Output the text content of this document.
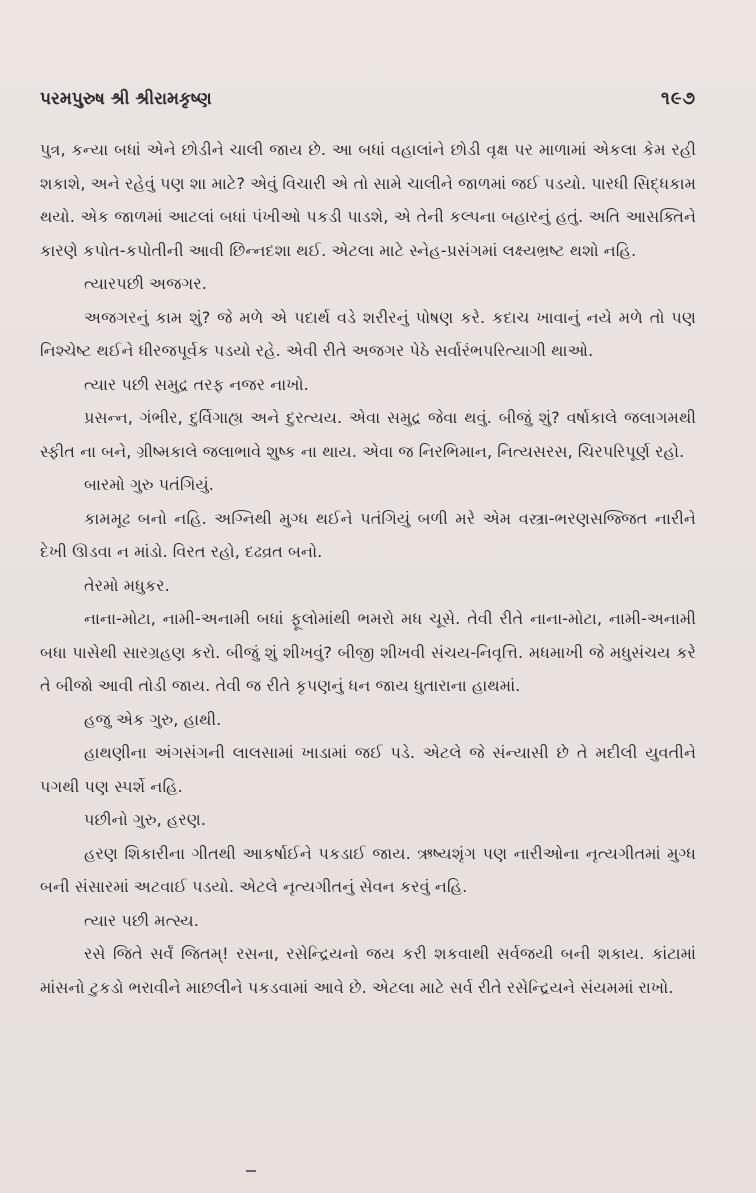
પરમપુરુષ શ્રી શ્રીરામકૃષ્ણ	૧૯૭

પુત્ર, કન્યા બધાં એને છોડીને ચાલી જાય છે. આ બધાં વહાલાંને છોડી વૃક્ષ પર માળામાં એકલા કેમ રહી શકાશે, અને રહેવું પણ શા માટે? એવું વિચારી એ તો સામે ચાલીને જાળમાં જઈ પડયો. પારધી સિદ્ધકામ થયો. એક જાળમાં આટલાં બધાં પંખીઓ પકડી પાડશે, એ તેની કલ્પના બહારનું હતું. અતિ આસક્તિને કારણે કપોત-કપોતીની આવી છિન્નદશા થઈ. એટલા માટે સ્નેહ-પ્રસંગમાં લક્ષ્યભ્રષ્ટ થશો નહિ.

ત્યારપછી અજગર.

અજગરનું કામ શું? જે મળે એ પદાર્થ વડે શરીરનું પોષણ કરે. કદાચ ખાવાનું નયે મળે તો પણ નિશ્ચેષ્ટ થઈને ધીરજપૂર્વક પડયો રહે. એવી રીતે અજગર પેઠે સર્વારંભપરિત્યાગી થાઓ.

ત્યાર પછી સમુદ્ર તરફ નજર નાખો.

પ્રસન્ન, ગંભીર, દુર્વિગાહ્ય અને દુરત્યય. એવા સમુદ્ર જેવા થવું. બીજું શું? વર્ષાકાલે જલાગમથી સ્ફીત ના બને, ગ્રીષ્મકાલે જલાભાવે શુષ્ક ના થાય. એવા જ નિરભિમાન, નિત્યસરસ, ચિરપરિપૂર્ણ રહો.

બારમો ગુરુ પતંગિયું.

કામમૂઢ બનો નહિ. અગ્નિથી મુગ્ધ થઈને પતંગિયું બળી મરે એમ વસ્ત્રા-ભરણસજ્જિત નારીને દેખી ઊડવા ન માંડો. વિરત રહો, દઢવ્રત બનો.

તેરમો મધુકર.

નાના-મોટા, નામી-અનામી બધાં ફૂલોમાંથી ભમરો મધ ચૂસે. તેવી રીતે નાના-મોટા, નામી-અનામી બધા પાસેથી સારગ્રહણ કરો. બીજું શું શીખવું? બીજી શીખવી સંચય-નિવૃત્તિ. મધમાખી જે મધુસંચય કરે તે બીજો આવી તોડી જાય. તેવી જ રીતે કૃપણનું ધન જાય ધુતારાના હાથમાં.

હજુ એક ગુરુ, હાથી.

હાથણીના અંગસંગની લાલસામાં ખાડામાં જઈ પડે. એટલે જે સંન્યાસી છે તે મદીલી યુવતીને પગથી પણ સ્પર્શે નહિ.

પછીનો ગુરુ, હરણ.

હરણ શિકારીના ગીતથી આકર્ષાઈને પકડાઈ જાય. ઋષ્યશૃંગ પણ નારીઓના નૃત્યગીતમાં મુગ્ધ બની સંસારમાં અટવાઈ પડયો. એટલે નૃત્યગીતનું સેવન કરવું નહિ.

ત્યાર પછી મત્સ્ય.

રસે જિતે સર્વં જિતમ્! રસના, રસેન્દ્રિયનો જય કરી શકવાથી સર્વજયી બની શકાય. કાંટામાં માંસનો ટુકડો ભરાવીને માછલીને પકડવામાં આવે છે. એટલા માટે સર્વ રીતે રસેન્દ્રિયને સંયમમાં રાખો.
